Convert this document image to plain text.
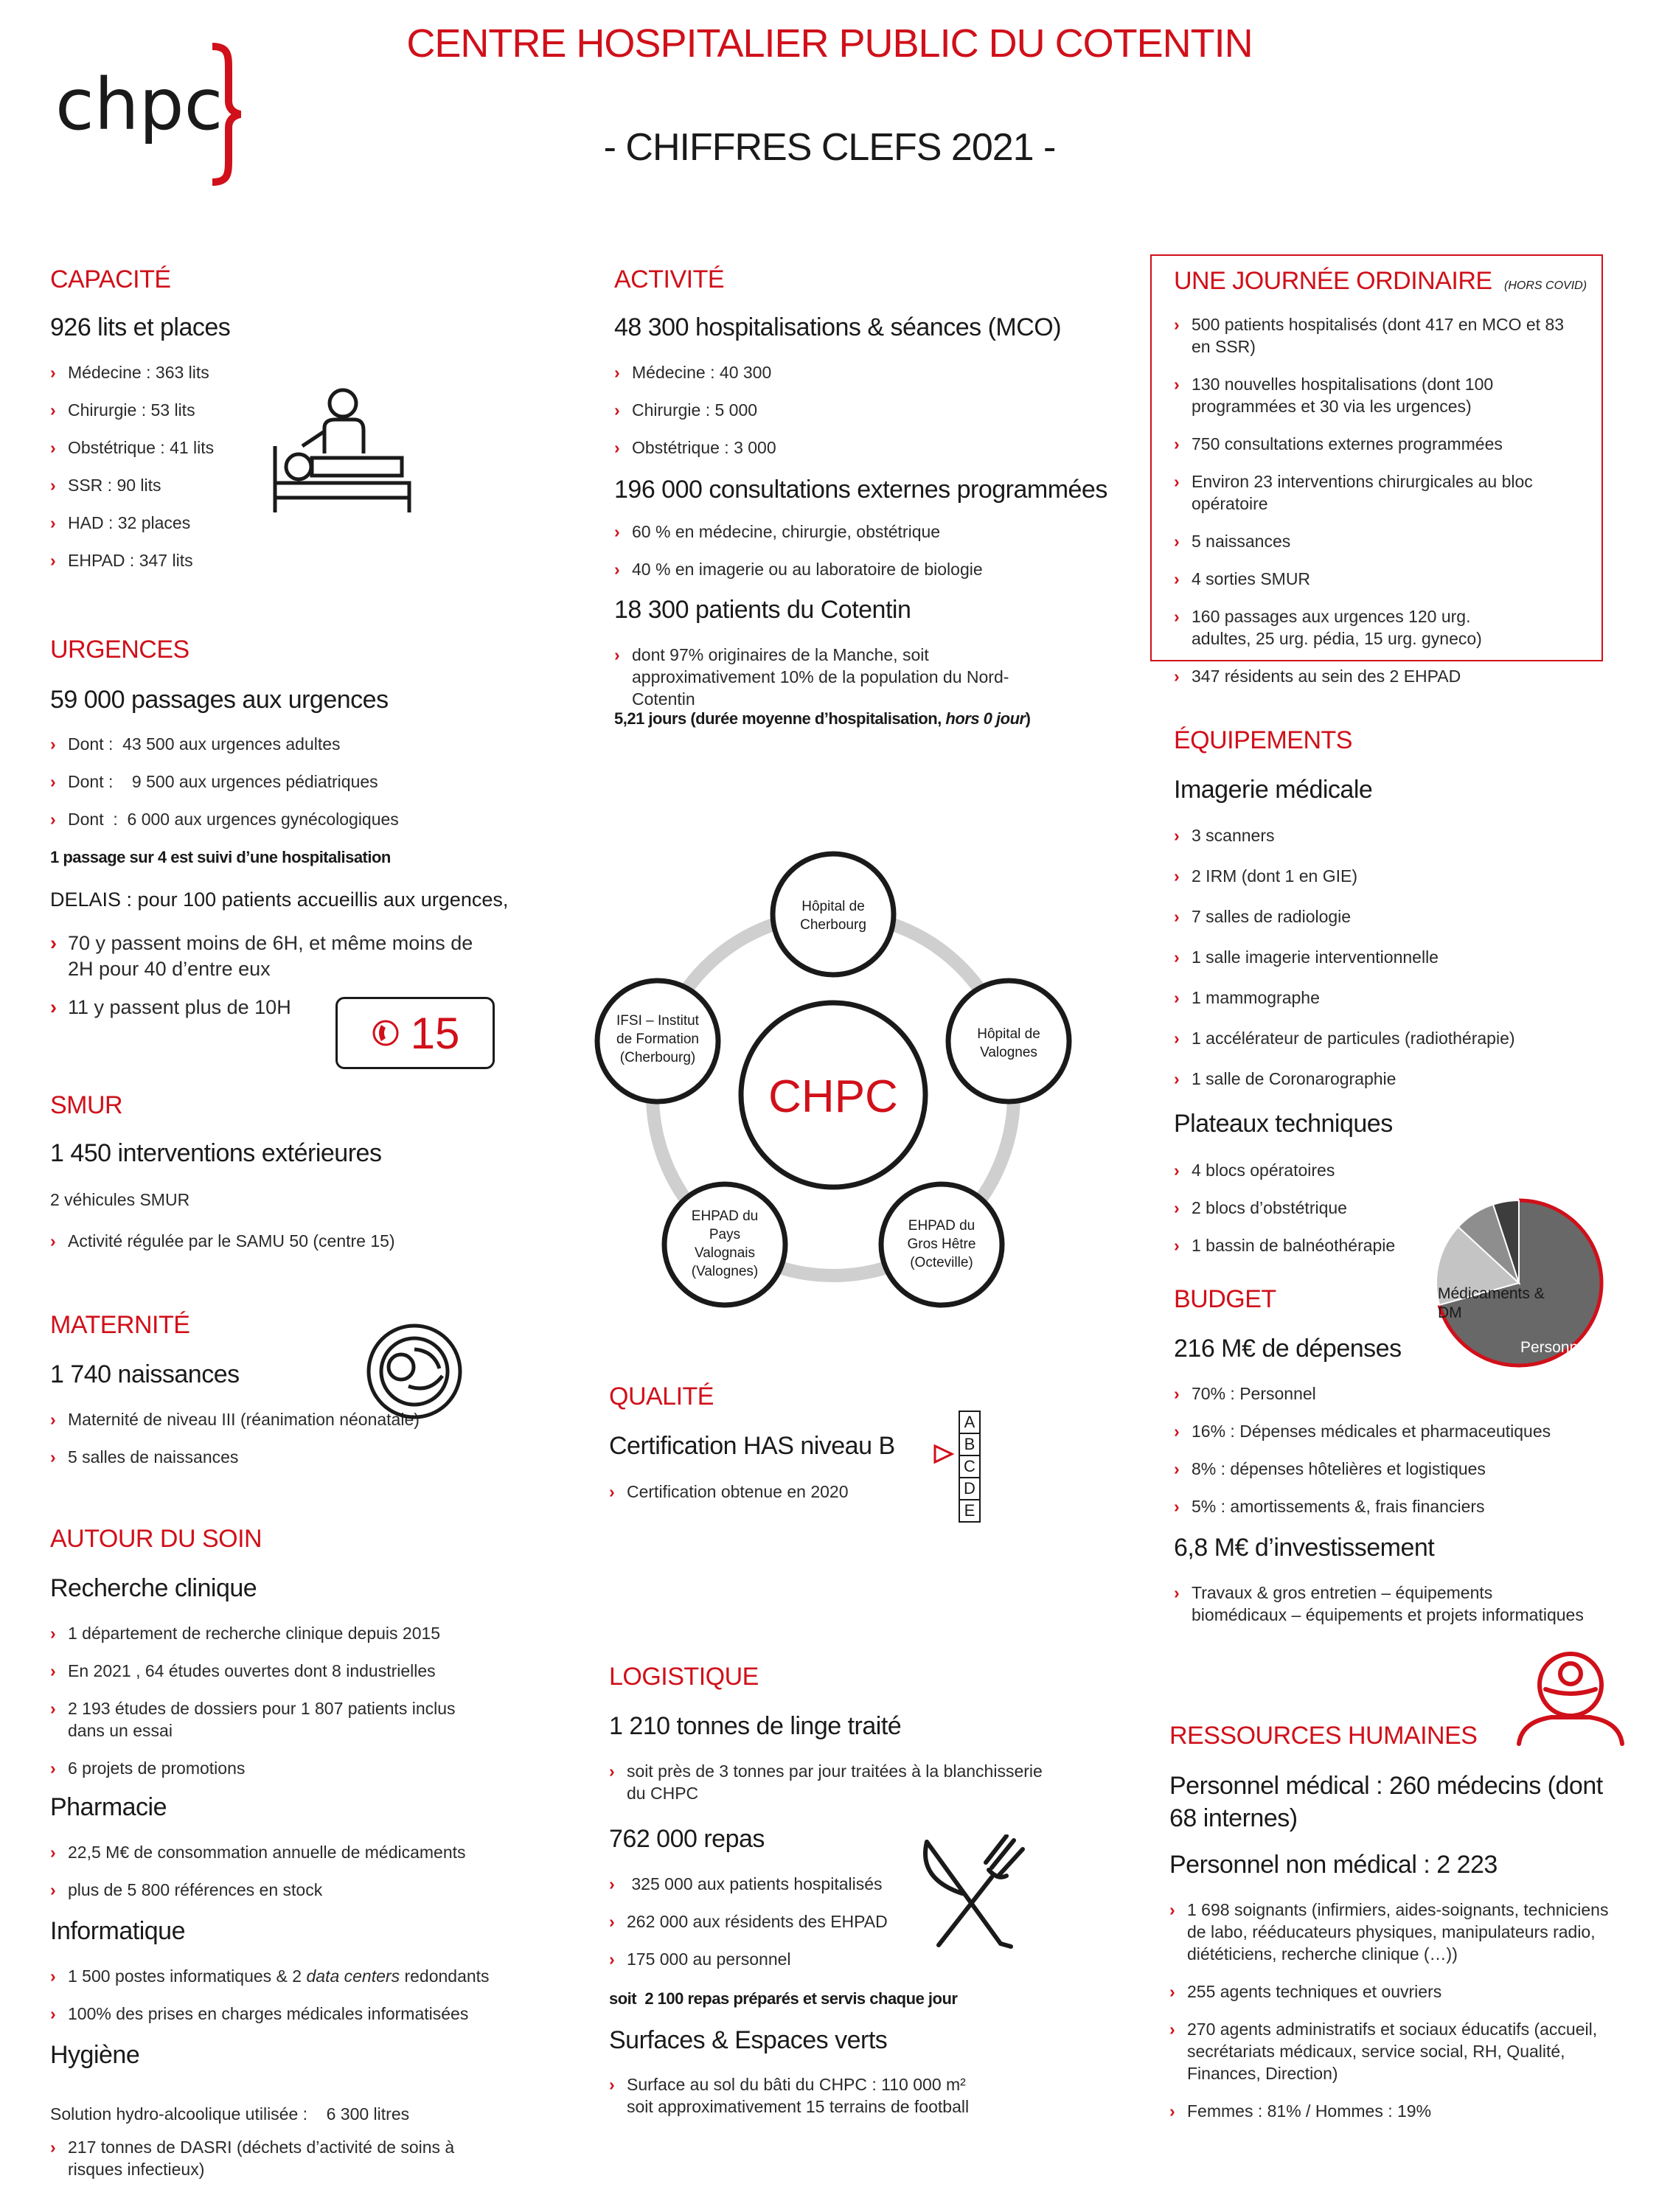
chpc
CENTRE HOSPITALIER PUBLIC DU COTENTIN
- CHIFFRES CLEFS 2021 -
CAPACITÉ
926 lits et places
› Médecine : 363 lits
› Chirurgie : 53 lits
› Obstétrique : 41 lits
› SSR : 90 lits
› HAD : 32 places
› EHPAD : 347 lits
URGENCES
59 000 passages aux urgences
› Dont :  43 500 aux urgences adultes
› Dont :    9 500 aux urgences pédiatriques
› Dont  :  6 000 aux urgences gynécologiques
1 passage sur 4 est suivi d’une hospitalisation
DELAIS : pour 100 patients accueillis aux urgences,
› 70 y passent moins de 6H, et même moins de 2H pour 40 d’entre eux
› 11 y passent plus de 10H
15
SMUR
1 450 interventions extérieures
2 véhicules SMUR
› Activité régulée par le SAMU 50 (centre 15)
MATERNITÉ
1 740 naissances
› Maternité de niveau III (réanimation néonatale)
› 5 salles de naissances
AUTOUR DU SOIN
Recherche clinique
› 1 département de recherche clinique depuis 2015
› En 2021 , 64 études ouvertes dont 8 industrielles
› 2 193 études de dossiers pour 1 807 patients inclus dans un essai
› 6 projets de promotions
Pharmacie
› 22,5 M€ de consommation annuelle de médicaments
› plus de 5 800 références en stock
Informatique
› 1 500 postes informatiques & 2 data centers redondants
› 100% des prises en charges médicales informatisées
Hygiène
Solution hydro-alcoolique utilisée :    6 300 litres
› 217 tonnes de DASRI (déchets d’activité de soins à risques infectieux)
ACTIVITÉ
48 300 hospitalisations & séances (MCO)
› Médecine : 40 300
› Chirurgie : 5 000
› Obstétrique : 3 000
196 000 consultations externes programmées
› 60 % en médecine, chirurgie, obstétrique
› 40 % en imagerie ou au laboratoire de biologie
18 300 patients du Cotentin
› dont 97% originaires de la Manche, soit approximativement 10% de la population du Nord-Cotentin
5,21 jours (durée moyenne d’hospitalisation, hors 0 jour)
CHPC
Hôpital de Cherbourg
Hôpital de Valognes
EHPAD du Gros Hêtre (Octeville)
EHPAD du Pays Valognais (Valognes)
IFSI – Institut de Formation (Cherbourg)
QUALITÉ
Certification HAS niveau B
› Certification obtenue en 2020
A
B
C
D
E
LOGISTIQUE
1 210 tonnes de linge traité
› soit près de 3 tonnes par jour traitées à la blanchisserie du CHPC
762 000 repas
›  325 000 aux patients hospitalisés
› 262 000 aux résidents des EHPAD
› 175 000 au personnel
soit  2 100 repas préparés et servis chaque jour
Surfaces & Espaces verts
› Surface au sol du bâti du CHPC : 110 000 m² soit approximativement 15 terrains de football
UNE JOURNÉE ORDINAIRE (HORS COVID)
› 500 patients hospitalisés (dont 417 en MCO et 83 en SSR)
› 130 nouvelles hospitalisations (dont 100 programmées et 30 via les urgences)
› 750 consultations externes programmées
› Environ 23 interventions chirurgicales au bloc opératoire
› 5 naissances
› 4 sorties SMUR
› 160 passages aux urgences 120 urg. adultes, 25 urg. pédia, 15 urg. gyneco)
› 347 résidents au sein des 2 EHPAD
ÉQUIPEMENTS
Imagerie médicale
› 3 scanners
› 2 IRM (dont 1 en GIE)
› 7 salles de radiologie
› 1 salle imagerie interventionnelle
› 1 mammographe
› 1 accélérateur de particules (radiothérapie)
› 1 salle de Coronarographie
Plateaux techniques
› 4 blocs opératoires
› 2 blocs d’obstétrique
› 1 bassin de balnéothérapie
BUDGET
216 M€ de dépenses
› 70% : Personnel
› 16% : Dépenses médicales et pharmaceutiques
› 8% : dépenses hôtelières et logistiques
› 5% : amortissements &, frais financiers
6,8 M€ d’investissement
› Travaux & gros entretien – équipements biomédicaux – équipements et projets informatiques
Médicaments & DM
Personnel
RESSOURCES HUMAINES
Personnel médical : 260 médecins (dont 68 internes)
Personnel non médical : 2 223
› 1 698 soignants (infirmiers, aides-soignants, techniciens de labo, rééducateurs physiques, manipulateurs radio, diététiciens, recherche clinique (…))
› 255 agents techniques et ouvriers
› 270 agents administratifs et sociaux éducatifs (accueil, secrétariats médicaux, service social, RH, Qualité, Finances, Direction)
› Femmes : 81% / Hommes : 19%
